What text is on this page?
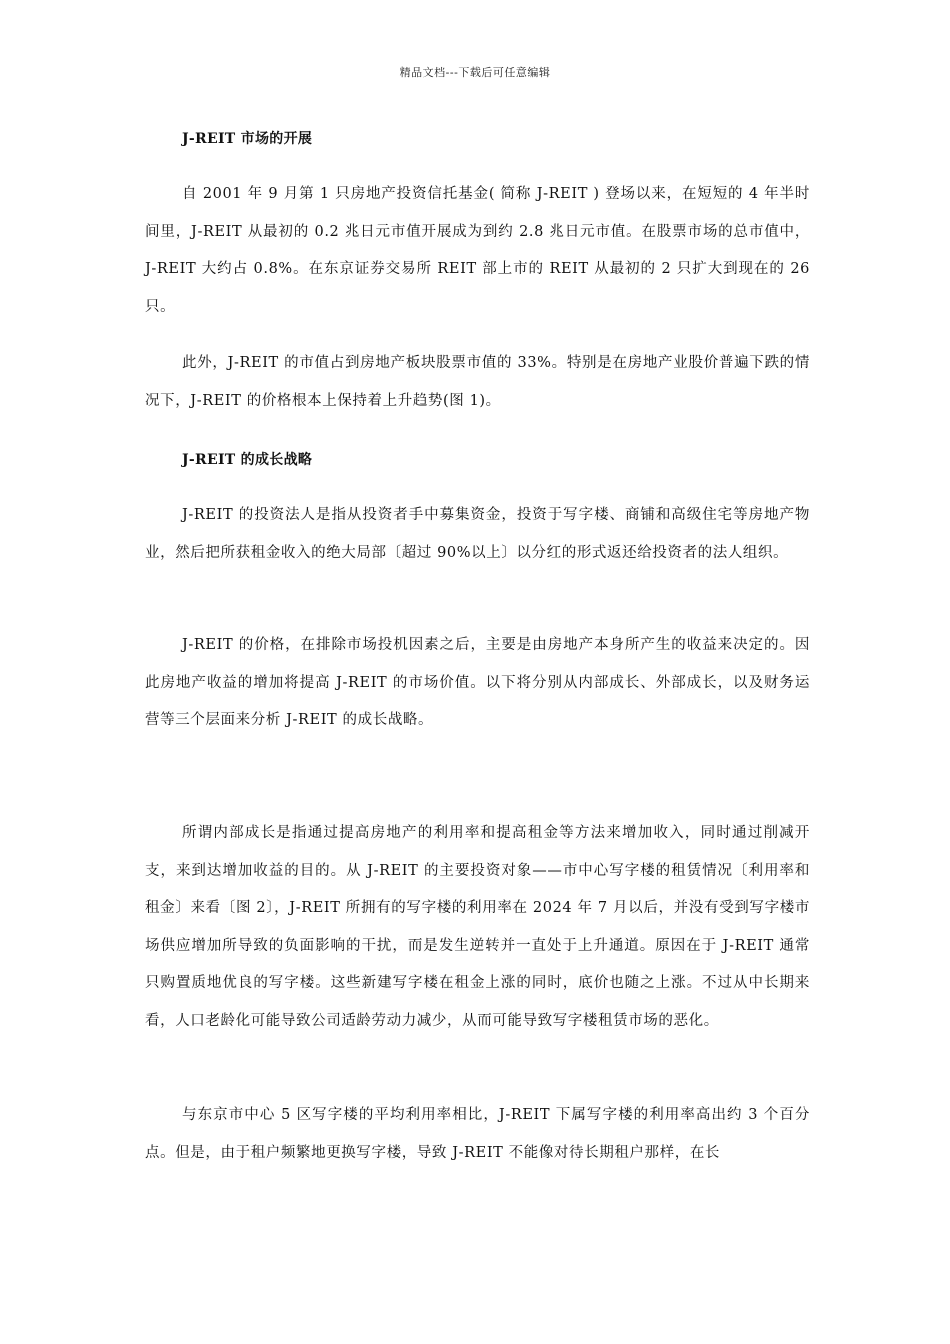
精品文档---下载后可任意编辑
J-REIT 市场的开展

自 2001 年 9 月第 1 只房地产投资信托基金( 简称 J-REIT ) 登场以来，在短短的 4 年半时间里，J-REIT 从最初的 0.2 兆日元市值开展成为到约 2.8 兆日元市值。在股票市场的总市值中，J-REIT 大约占 0.8%。在东京证券交易所 REIT 部上市的 REIT 从最初的 2 只扩大到现在的 26 只。

此外，J-REIT 的市值占到房地产板块股票市值的 33%。特别是在房地产业股价普遍下跌的情况下，J-REIT 的价格根本上保持着上升趋势(图 1)。

J-REIT 的成长战略

J-REIT 的投资法人是指从投资者手中募集资金，投资于写字楼、商铺和高级住宅等房地产物业，然后把所获租金收入的绝大局部〔超过 90%以上〕以分红的形式返还给投资者的法人组织。

J-REIT 的价格，在排除市场投机因素之后，主要是由房地产本身所产生的收益来决定的。因此房地产收益的增加将提高 J-REIT 的市场价值。以下将分别从内部成长、外部成长，以及财务运营等三个层面来分析 J-REIT 的成长战略。

所谓内部成长是指通过提高房地产的利用率和提高租金等方法来增加收入，同时通过削减开支，来到达增加收益的目的。从 J-REIT 的主要投资对象——市中心写字楼的租赁情况〔利用率和租金〕来看〔图 2〕，J-REIT 所拥有的写字楼的利用率在 2024 年 7 月以后，并没有受到写字楼市场供应增加所导致的负面影响的干扰，而是发生逆转并一直处于上升通道。原因在于 J-REIT 通常只购置质地优良的写字楼。这些新建写字楼在租金上涨的同时，底价也随之上涨。不过从中长期来看，人口老龄化可能导致公司适龄劳动力减少，从而可能导致写字楼租赁市场的恶化。

与东京市中心 5 区写字楼的平均利用率相比，J-REIT 下属写字楼的利用率高出约 3 个百分点。但是，由于租户频繁地更换写字楼，导致 J-REIT 不能像对待长期租户那样，在长
